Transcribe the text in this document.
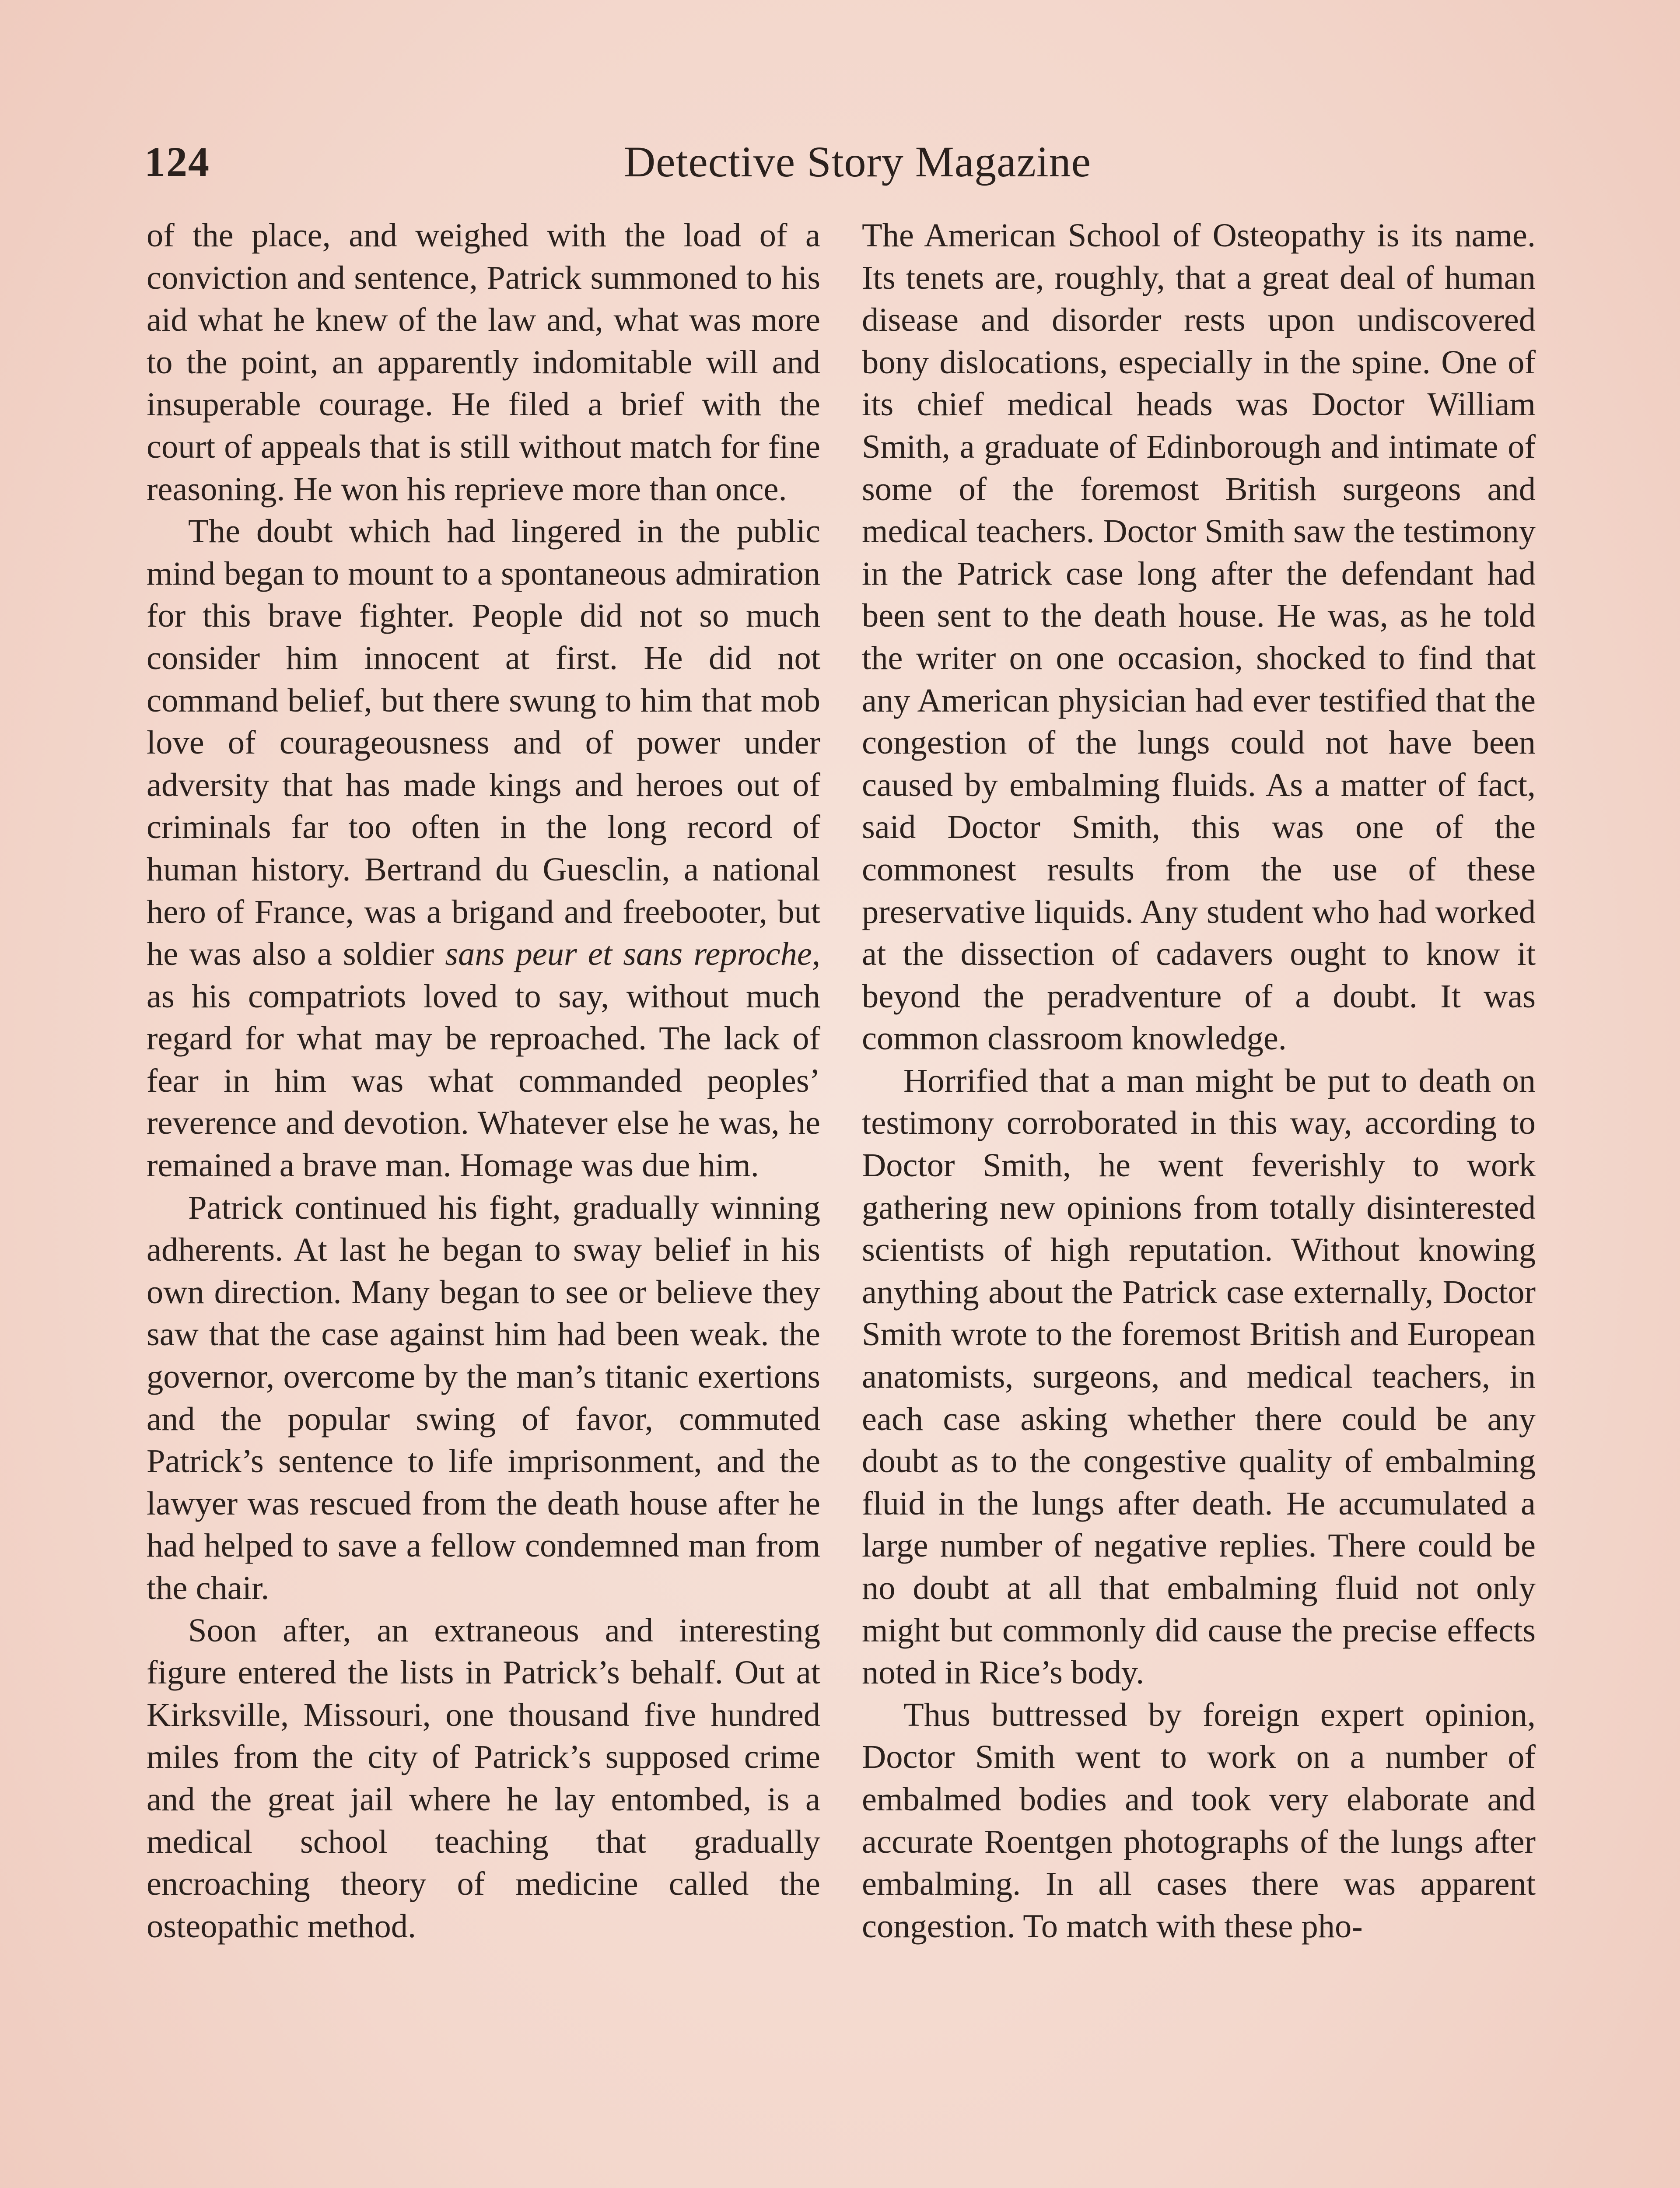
124	Detective Story Magazine

of the place, and weighed with the load of a conviction and sentence, Patrick summoned to his aid what he knew of the law and, what was more to the point, an apparently indomitable will and insuperable courage. He filed a brief with the court of appeals that is still without match for fine reasoning. He won his reprieve more than once.

The doubt which had lingered in the public mind began to mount to a spontaneous admiration for this brave fighter. People did not so much consider him innocent at first. He did not command belief, but there swung to him that mob love of courageousness and of power under adversity that has made kings and heroes out of criminals far too often in the long record of human history. Bertrand du Guesclin, a national hero of France, was a brigand and freebooter, but he was also a soldier sans peur et sans reproche, as his compatriots loved to say, without much regard for what may be reproached. The lack of fear in him was what commanded peoples’ reverence and devotion. Whatever else he was, he remained a brave man. Homage was due him.

Patrick continued his fight, gradually winning adherents. At last he began to sway belief in his own direction. Many began to see or believe they saw that the case against him had been weak. the governor, overcome by the man’s titanic exertions and the popular swing of favor, commuted Patrick’s sentence to life imprisonment, and the lawyer was rescued from the death house after he had helped to save a fellow condemned man from the chair.

Soon after, an extraneous and interesting figure entered the lists in Patrick’s behalf. Out at Kirksville, Missouri, one thousand five hundred miles from the city of Patrick’s supposed crime and the great jail where he lay entombed, is a medical school teaching that gradually encroaching theory of medicine called the osteopathic method.

The American School of Osteopathy is its name. Its tenets are, roughly, that a great deal of human disease and disorder rests upon undiscovered bony dislocations, especially in the spine. One of its chief medical heads was Doctor William Smith, a graduate of Edinborough and intimate of some of the foremost British surgeons and medical teachers. Doctor Smith saw the testimony in the Patrick case long after the defendant had been sent to the death house. He was, as he told the writer on one occasion, shocked to find that any American physician had ever testified that the congestion of the lungs could not have been caused by embalming fluids. As a matter of fact, said Doctor Smith, this was one of the commonest results from the use of these preservative liquids. Any student who had worked at the dissection of cadavers ought to know it beyond the peradventure of a doubt. It was common classroom knowledge.

Horrified that a man might be put to death on testimony corroborated in this way, according to Doctor Smith, he went feverishly to work gathering new opinions from totally disinterested scientists of high reputation. Without knowing anything about the Patrick case externally, Doctor Smith wrote to the foremost British and European anatomists, surgeons, and medical teachers, in each case asking whether there could be any doubt as to the congestive quality of embalming fluid in the lungs after death. He accumulated a large number of negative replies. There could be no doubt at all that embalming fluid not only might but commonly did cause the precise effects noted in Rice’s body.

Thus buttressed by foreign expert opinion, Doctor Smith went to work on a number of embalmed bodies and took very elaborate and accurate Roentgen photographs of the lungs after embalming. In all cases there was apparent congestion. To match with these pho-
